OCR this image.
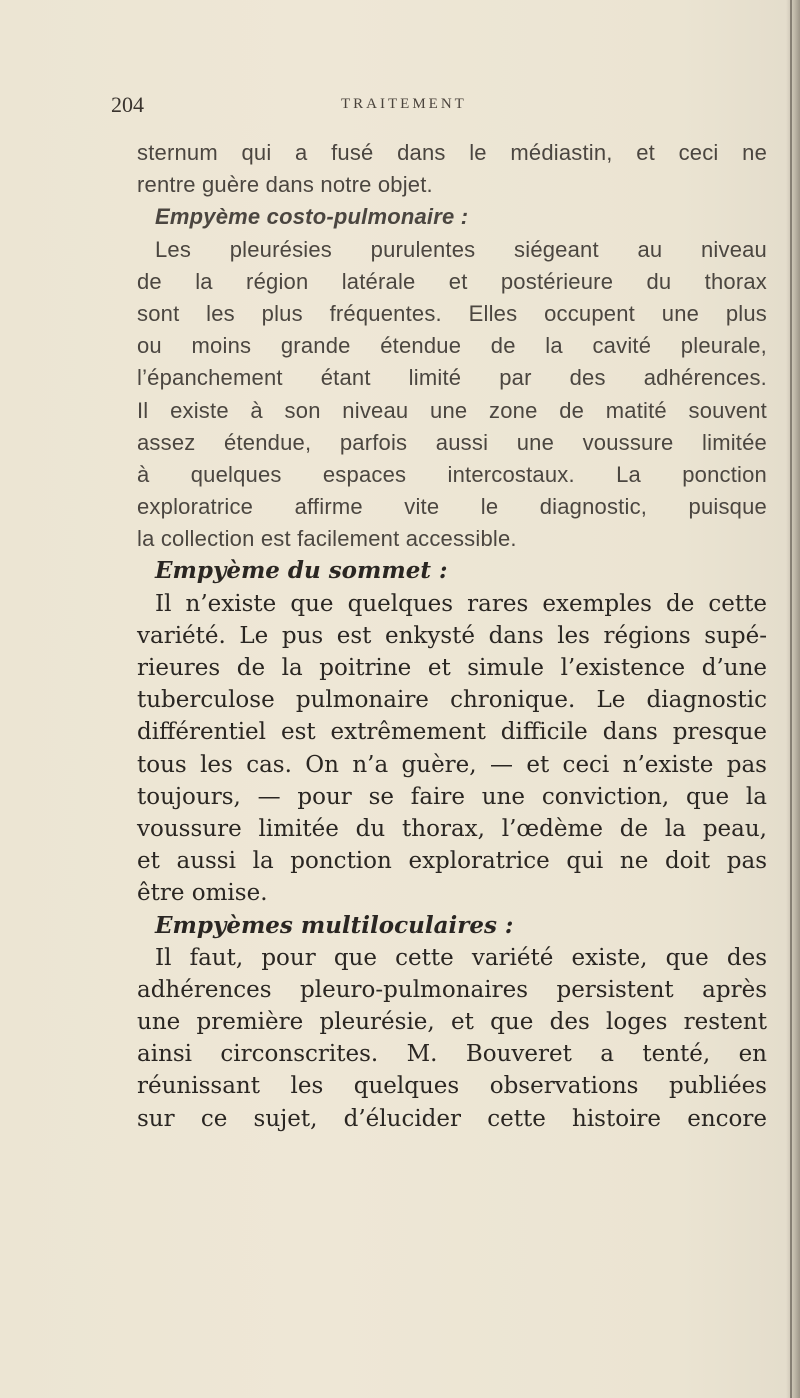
204	TRAITEMENT
sternum qui a fusé dans le médiastin, et ceci ne
rentre guère dans notre objet.
Empyème costo-pulmonaire :
Les pleurésies purulentes siégeant au niveau
de la région latérale et postérieure du thorax
sont les plus fréquentes. Elles occupent une plus
ou moins grande étendue de la cavité pleurale,
l’épanchement étant limité par des adhérences.
Il existe à son niveau une zone de matité souvent
assez étendue, parfois aussi une voussure limitée
à quelques espaces intercostaux. La ponction
exploratrice affirme vite le diagnostic, puisque
la collection est facilement accessible.
Empyème du sommet :
Il n’existe que quelques rares exemples de cette
variété. Le pus est enkysté dans les régions supé-
rieures de la poitrine et simule l’existence d’une
tuberculose pulmonaire chronique. Le diagnostic
différentiel est extrêmement difficile dans presque
tous les cas. On n’a guère, — et ceci n’existe pas
toujours, — pour se faire une conviction, que la
voussure limitée du thorax, l’œdème de la peau,
et aussi la ponction exploratrice qui ne doit pas
être omise.
Empyèmes multiloculaires :
Il faut, pour que cette variété existe, que des
adhérences pleuro-pulmonaires persistent après
une première pleurésie, et que des loges restent
ainsi circonscrites. M. Bouveret a tenté, en
réunissant les quelques observations publiées
sur ce sujet, d’élucider cette histoire encore
